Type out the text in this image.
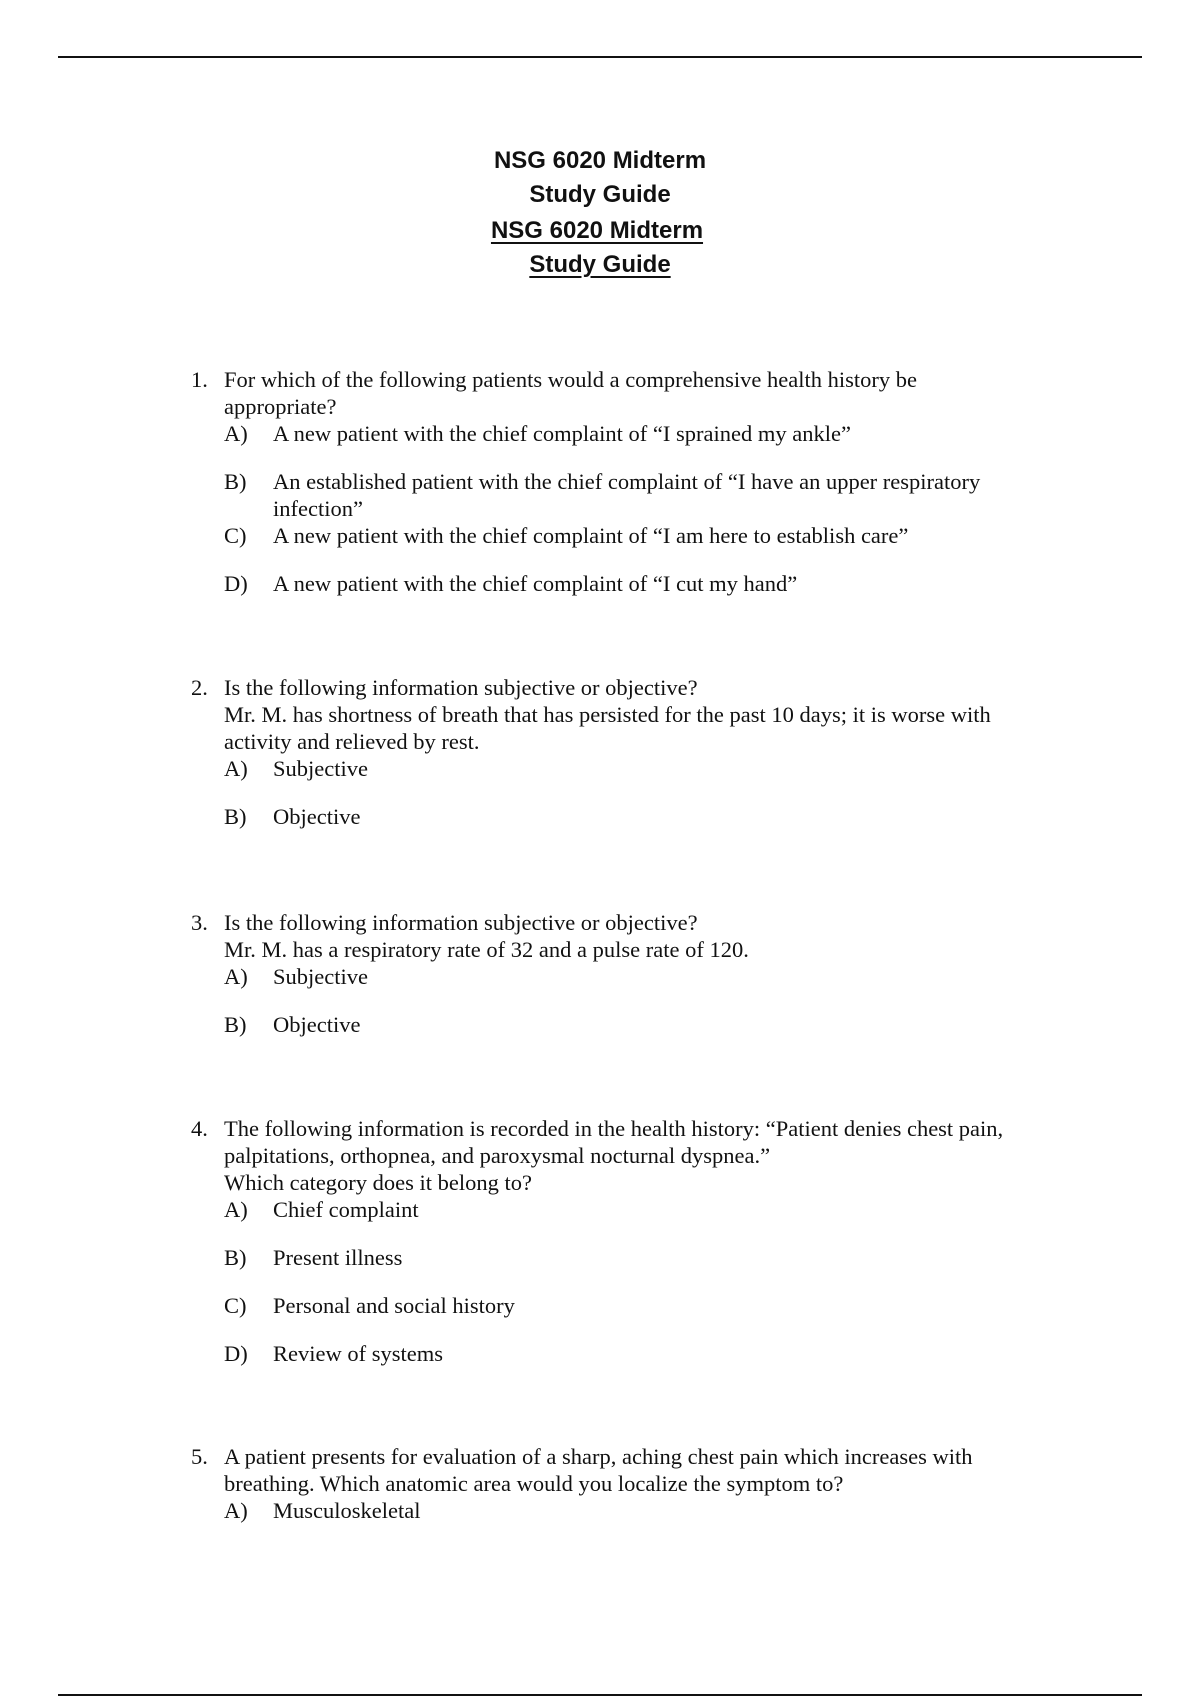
NSG 6020 Midterm
Study Guide
NSG 6020 Midterm
Study Guide
1. For which of the following patients would a comprehensive health history be
appropriate?
A) A new patient with the chief complaint of “I sprained my ankle”
B) An established patient with the chief complaint of “I have an upper respiratory infection”
C) A new patient with the chief complaint of “I am here to establish care”
D) A new patient with the chief complaint of “I cut my hand”
2. Is the following information subjective or objective?
Mr. M. has shortness of breath that has persisted for the past 10 days; it is worse with
activity and relieved by rest.
A) Subjective
B) Objective
3. Is the following information subjective or objective?
Mr. M. has a respiratory rate of 32 and a pulse rate of 120.
A) Subjective
B) Objective
4. The following information is recorded in the health history: “Patient denies chest pain,
palpitations, orthopnea, and paroxysmal nocturnal dyspnea.”
Which category does it belong to?
A) Chief complaint
B) Present illness
C) Personal and social history
D) Review of systems
5. A patient presents for evaluation of a sharp, aching chest pain which increases with
breathing. Which anatomic area would you localize the symptom to?
A) Musculoskeletal
